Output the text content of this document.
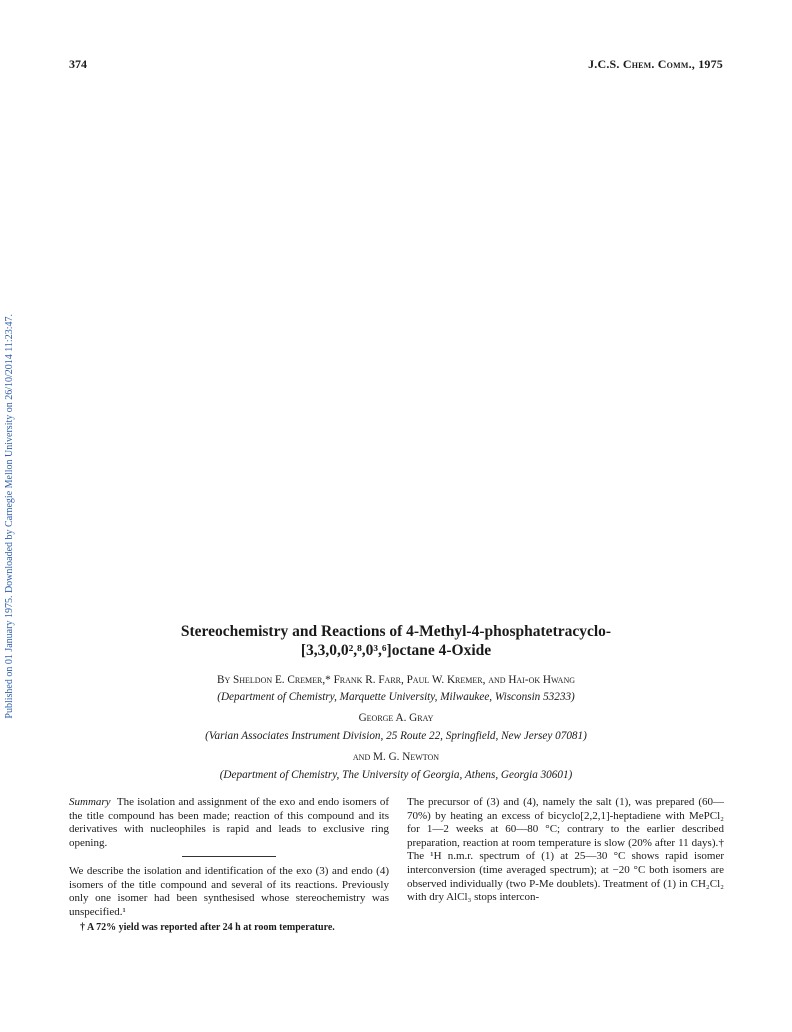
374	J.C.S. Chem. Comm., 1975
Published on 01 January 1975. Downloaded by Carnegie Mellon University on 26/10/2014 11:23:47.	Stereochemistry and Reactions of 4-Methyl-4-phosphatetracyclo-
[3,3,0,0²,⁸,0³,⁶]octane 4-Oxide
By Sheldon E. Cremer,* Frank R. Farr, Paul W. Kremer, and Hai-ok Hwang
(Department of Chemistry, Marquette University, Milwaukee, Wisconsin 53233)
George A. Gray
(Varian Associates Instrument Division, 25 Route 22, Springfield, New Jersey 07081)
and M. G. Newton
(Department of Chemistry, The University of Georgia, Athens, Georgia 30601)

Summary The isolation and assignment of the exo and endo isomers of the title compound has been made; reaction of this compound and its derivatives with nucleophiles is rapid and leads to exclusive ring opening.

We describe the isolation and identification of the exo (3) and endo (4) isomers of the title compound and several of its reactions. Previously only one isomer had been synthesised whose stereochemistry was unspecified.¹

The precursor of (3) and (4), namely the salt (1), was prepared (60—70%) by heating an excess of bicyclo[2,2,1]-heptadiene with MePCl₂ for 1—2 weeks at 60—80 °C; contrary to the earlier described preparation, reaction at room temperature is slow (20% after 11 days).† The ¹H n.m.r. spectrum of (1) at 25—30 °C shows rapid isomer interconversion (time averaged spectrum); at −20 °C both isomers are observed individually (two P-Me doublets). Treatment of (1) in CH₂Cl₂ with dry AlCl₃ stops intercon-

† A 72% yield was reported after 24 h at room temperature.
